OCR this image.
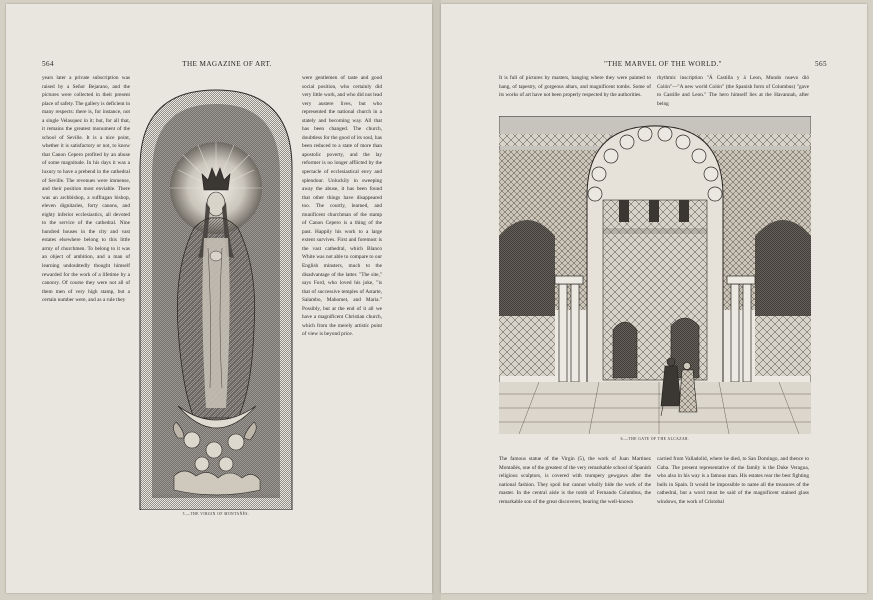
564	THE MAGAZINE OF ART.
years later a private subscription was raised by a Señor Bejarano, and the pictures were collected in their present place of safety. The gallery is deficient in many respects: there is, for instance, not a single Velasquez in it; but, for all that, it remains the greatest monument of the school of Seville. It is a nice point, whether it is satisfactory or not, to know that Canon Cepero profited by an abuse of some magnitude. In his days it was a luxury to have a prebend in the cathedral of Seville. The revenues were immense, and their position most enviable. There was an archbishop, a suffragan bishop, eleven dignitaries, forty canons, and eighty inferior ecclesiastics, all devoted to the service of the cathedral. Nine hundred houses in the city and vast estates elsewhere belong to this little army of churchmen. To belong to it was an object of ambition, and a man of learning undoubtedly thought himself rewarded for the work of a lifetime by a canonry. Of course they were not all of them men of very high stamp, but a certain number were, and as a rule they
were gentlemen of taste and good social position, who certainly did very little work, and who did not lead very austere lives, but who represented the national church in a stately and becoming way. All that has been changed. The church, doubtless for the good of its soul, has been reduced to a state of more than apostolic poverty, and the lay reformer is no longer afflicted by the spectacle of ecclesiastical envy and splendour. Unluckily in sweeping away the abuse, it has been found that other things have disappeared too. The courtly, learned, and munificent churchman of the stamp of Canon Cepero is a thing of the past. Happily his work to a large extent survives. First and foremost is the vast cathedral, which Blanco White was not able to compare to our English minsters, much to the disadvantage of the latter. "The site," says Ford, who loved his joke, "is that of successive temples of Astarte, Salambo, Mahomet, and Maria." Possibly, but at the end of it all we have a magnificent Christian church, which from the merely artistic point of view is beyond price.
5.—THE VIRGIN OF MONTAÑÉS.
"THE MARVEL OF THE WORLD."	565
It is full of pictures by masters, hanging where they were painted to hang, of tapestry, of gorgeous altars, and magnificent tombs. Some of its works of art have not been properly respected by the authorities.
rhythmic inscription "Á Castilla y á Leon, Mundo nuevo dió Colón"—"A new world Colón" (the Spanish form of Columbus) "gave to Castille and Leon." The hero himself lies at the Havannah, after being
6.—THE GATE OF THE ALCAZAR.
The famous statue of the Virgin (5), the work of Juan Martinez Montañés, one of the greatest of the very remarkable school of Spanish religious sculptors, is covered with trumpery gewgaws after the national fashion. They spoil but cannot wholly hide the work of the master. In the central aisle is the tomb of Fernando Columbus, the remarkable son of the great discoverer, bearing the well-known
carried from Valladolid, where he died, to San Domingo, and thence to Cuba. The present representative of the family is the Duke Veragua, who also in his way is a famous man. His estates rear the best fighting bulls in Spain. It would be impossible to name all the treasures of the cathedral, but a word must be said of the magnificent stained glass windows, the work of Cristobal
